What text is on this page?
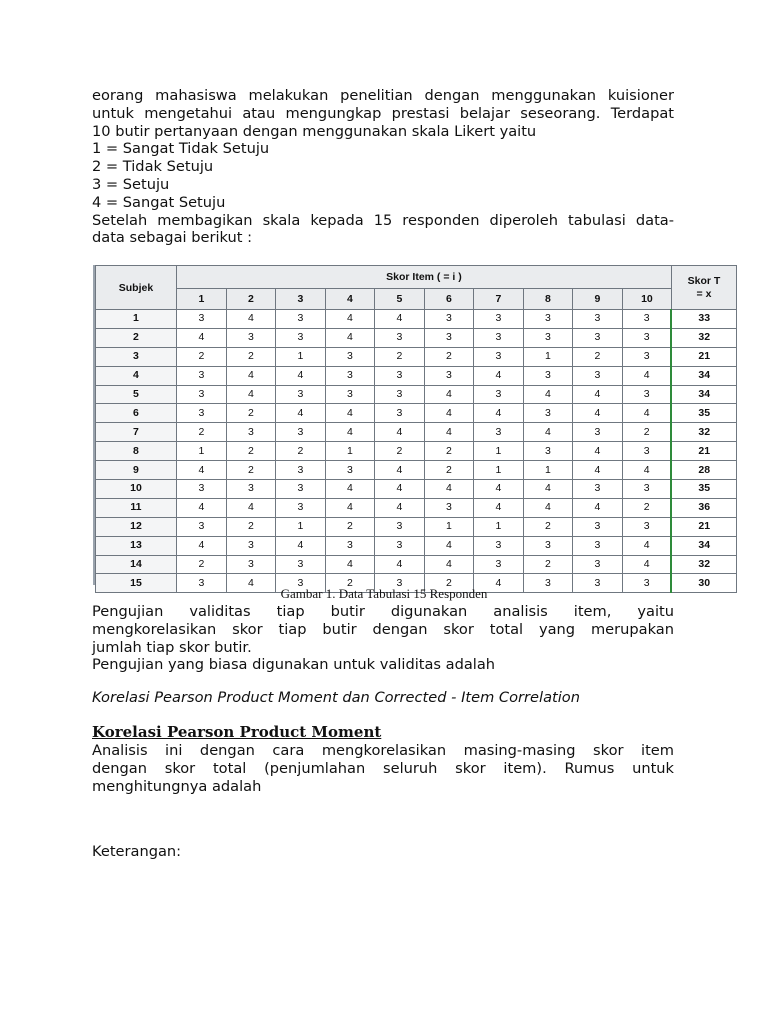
eorang mahasiswa melakukan penelitian dengan menggunakan kuisioner
untuk mengetahui atau mengungkap prestasi belajar seseorang. Terdapat
10 butir pertanyaan dengan menggunakan skala Likert yaitu
1 = Sangat Tidak Setuju
2 = Tidak Setuju
3 = Setuju
4 = Sangat Setuju
Setelah membagikan skala kepada 15 responden diperoleh tabulasi data-
data sebagai berikut :
Subjek	Skor Item ( = i )										Skor T
= x
	1	2	3	4	5	6	7	8	9	10	
1	3	4	3	4	4	3	3	3	3	3	33
2	4	3	3	4	3	3	3	3	3	3	32
3	2	2	1	3	2	2	3	1	2	3	21
4	3	4	4	3	3	3	4	3	3	4	34
5	3	4	3	3	3	4	3	4	4	3	34
6	3	2	4	4	3	4	4	3	4	4	35
7	2	3	3	4	4	4	3	4	3	2	32
8	1	2	2	1	2	2	1	3	4	3	21
9	4	2	3	3	4	2	1	1	4	4	28
10	3	3	3	4	4	4	4	4	3	3	35
11	4	4	3	4	4	3	4	4	4	2	36
12	3	2	1	2	3	1	1	2	3	3	21
13	4	3	4	3	3	4	3	3	3	4	34
14	2	3	3	4	4	4	3	2	3	4	32
15	3	4	3	2	3	2	4	3	3	3	30
Gambar 1. Data Tabulasi 15 Responden
Pengujian validitas tiap butir digunakan analisis item, yaitu
mengkorelasikan skor tiap butir dengan skor total yang merupakan
jumlah tiap skor butir.
Pengujian yang biasa digunakan untuk validitas adalah
Korelasi Pearson Product Moment dan Corrected - Item Correlation
Korelasi Pearson Product Moment
Analisis ini dengan cara mengkorelasikan masing-masing skor item
dengan skor total (penjumlahan seluruh skor item). Rumus untuk
menghitungnya adalah
Keterangan:
